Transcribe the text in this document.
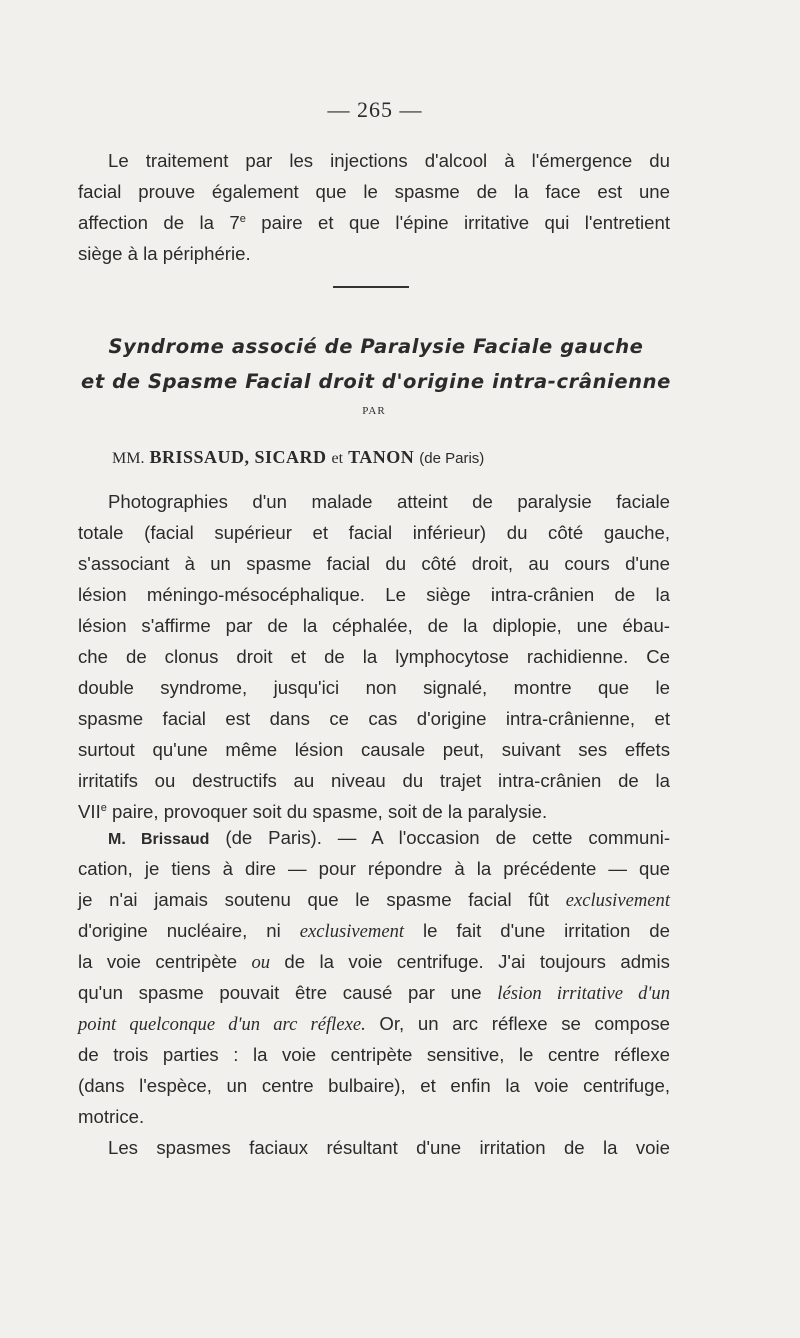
— 265 —
Le traitement par les injections d'alcool à l'émergence du
facial prouve également que le spasme de la face est une
affection de la 7e paire et que l'épine irritative qui l'entretient
siège à la périphérie.
Syndrome associé de Paralysie Faciale gauche
et de Spasme Facial droit d'origine intra-crânienne
PAR
MM. BRISSAUD, SICARD et TANON (de Paris)
Photographies d'un malade atteint de paralysie faciale
totale (facial supérieur et facial inférieur) du côté gauche,
s'associant à un spasme facial du côté droit, au cours d'une
lésion méningo-mésocéphalique. Le siège intra-crânien de la
lésion s'affirme par de la céphalée, de la diplopie, une ébau-
che de clonus droit et de la lymphocytose rachidienne. Ce
double syndrome, jusqu'ici non signalé, montre que le
spasme facial est dans ce cas d'origine intra-crânienne, et
surtout qu'une même lésion causale peut, suivant ses effets
irritatifs ou destructifs au niveau du trajet intra-crânien de la
VIIe paire, provoquer soit du spasme, soit de la paralysie.
M. Brissaud (de Paris). — A l'occasion de cette communi-
cation, je tiens à dire — pour répondre à la précédente — que
je n'ai jamais soutenu que le spasme facial fût exclusivement
d'origine nucléaire, ni exclusivement le fait d'une irritation de
la voie centripète ou de la voie centrifuge. J'ai toujours admis
qu'un spasme pouvait être causé par une lésion irritative d'un
point quelconque d'un arc réflexe. Or, un arc réflexe se compose
de trois parties : la voie centripète sensitive, le centre réflexe
(dans l'espèce, un centre bulbaire), et enfin la voie centrifuge,
motrice.
Les spasmes faciaux résultant d'une irritation de la voie
